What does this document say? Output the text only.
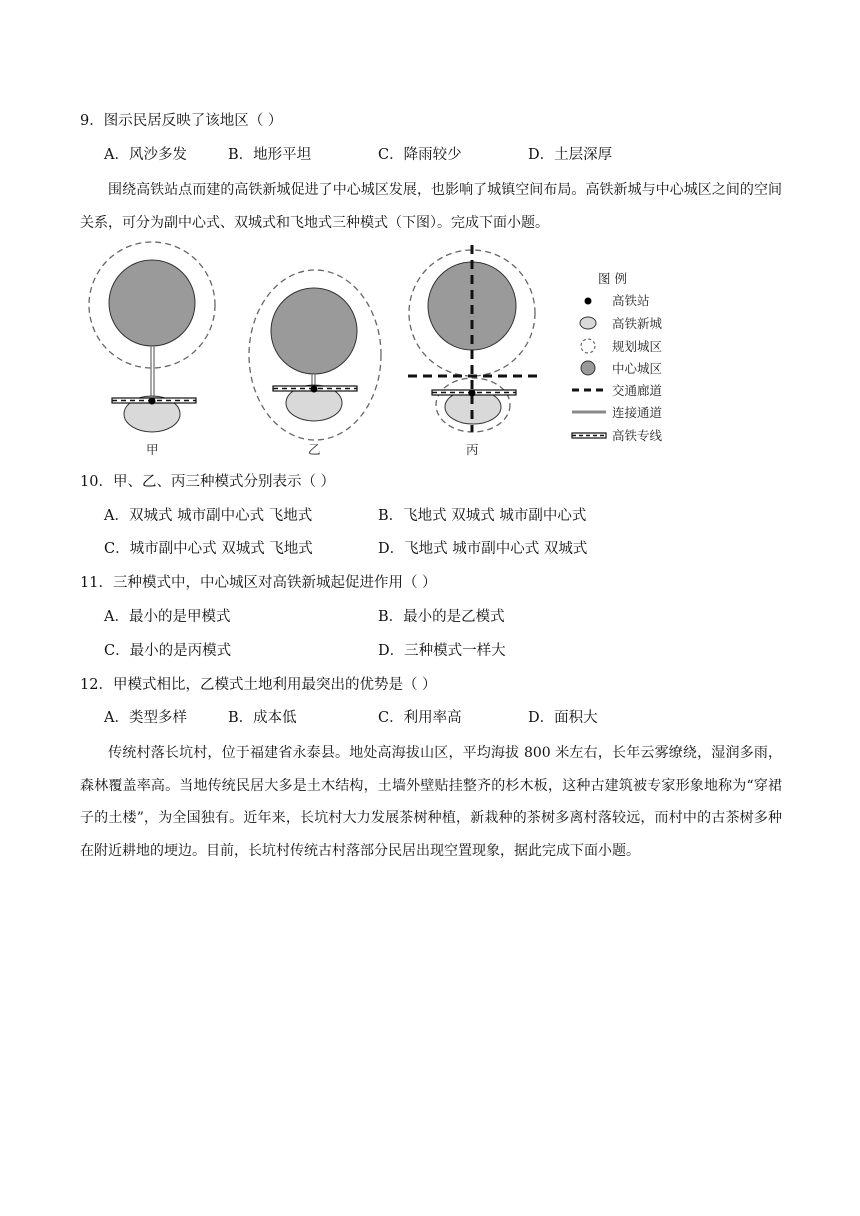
9．图示民居反映了该地区（ ）
A．风沙多发	B．地形平坦	C．降雨较少	D．土层深厚
围绕高铁站点而建的高铁新城促进了中心城区发展，也影响了城镇空间布局。高铁新城与中心城区之间的空间关系，可分为副中心式、双城式和飞地式三种模式（下图）。完成下面小题。
甲	乙	丙
图 例
高铁站
高铁新城
规划城区
中心城区
交通廊道
连接通道
高铁专线
10．甲、乙、丙三种模式分别表示（ ）
A．双城式 城市副中心式 飞地式	B．飞地式 双城式 城市副中心式
C．城市副中心式 双城式 飞地式	D．飞地式 城市副中心式 双城式
11．三种模式中，中心城区对高铁新城起促进作用（ ）
A．最小的是甲模式	B．最小的是乙模式
C．最小的是丙模式	D．三种模式一样大
12．甲模式相比，乙模式土地利用最突出的优势是（ ）
A．类型多样	B．成本低	C．利用率高	D．面积大
传统村落长坑村，位于福建省永泰县。地处高海拔山区，平均海拔 800 米左右，长年云雾缭绕，湿润多雨，森林覆盖率高。当地传统民居大多是土木结构，土墙外壁贴挂整齐的杉木板，这种古建筑被专家形象地称为“穿裙子的土楼”，为全国独有。近年来，长坑村大力发展茶树种植，新栽种的茶树多离村落较远，而村中的古茶树多种在附近耕地的埂边。目前，长坑村传统古村落部分民居出现空置现象，据此完成下面小题。
